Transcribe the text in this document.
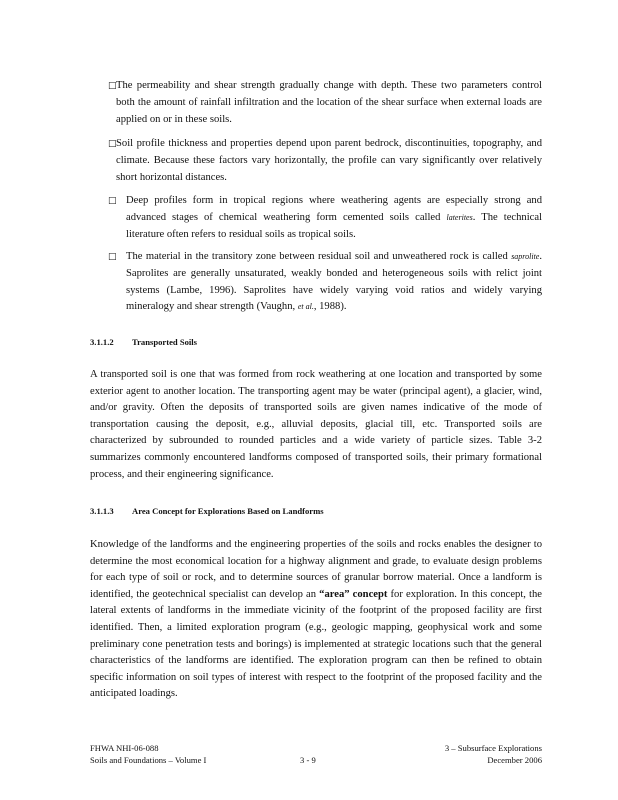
□ The permeability and shear strength gradually change with depth. These two parameters control both the amount of rainfall infiltration and the location of the shear surface when external loads are applied on or in these soils.
□ Soil profile thickness and properties depend upon parent bedrock, discontinuities, topography, and climate. Because these factors vary horizontally, the profile can vary significantly over relatively short horizontal distances.
□ Deep profiles form in tropical regions where weathering agents are especially strong and advanced stages of chemical weathering form cemented soils called laterites. The technical literature often refers to residual soils as tropical soils.
□ The material in the transitory zone between residual soil and unweathered rock is called saprolite. Saprolites are generally unsaturated, weakly bonded and heterogeneous soils with relict joint systems (Lambe, 1996). Saprolites have widely varying void ratios and widely varying mineralogy and shear strength (Vaughn, et al., 1988).
3.1.1.2 Transported Soils
A transported soil is one that was formed from rock weathering at one location and transported by some exterior agent to another location. The transporting agent may be water (principal agent), a glacier, wind, and/or gravity. Often the deposits of transported soils are given names indicative of the mode of transportation causing the deposit, e.g., alluvial deposits, glacial till, etc. Transported soils are characterized by subrounded to rounded particles and a wide variety of particle sizes. Table 3-2 summarizes commonly encountered landforms composed of transported soils, their primary formational process, and their engineering significance.
3.1.1.3 Area Concept for Explorations Based on Landforms
Knowledge of the landforms and the engineering properties of the soils and rocks enables the designer to determine the most economical location for a highway alignment and grade, to evaluate design problems for each type of soil or rock, and to determine sources of granular borrow material. Once a landform is identified, the geotechnical specialist can develop an “area” concept for exploration. In this concept, the lateral extents of landforms in the immediate vicinity of the footprint of the proposed facility are first identified. Then, a limited exploration program (e.g., geologic mapping, geophysical work and some preliminary cone penetration tests and borings) is implemented at strategic locations such that the general characteristics of the landforms are identified. The exploration program can then be refined to obtain specific information on soil types of interest with respect to the footprint of the proposed facility and the anticipated loadings.
FHWA NHI-06-088
Soils and Foundations – Volume I	3 - 9
3 – Subsurface Explorations
December 2006
